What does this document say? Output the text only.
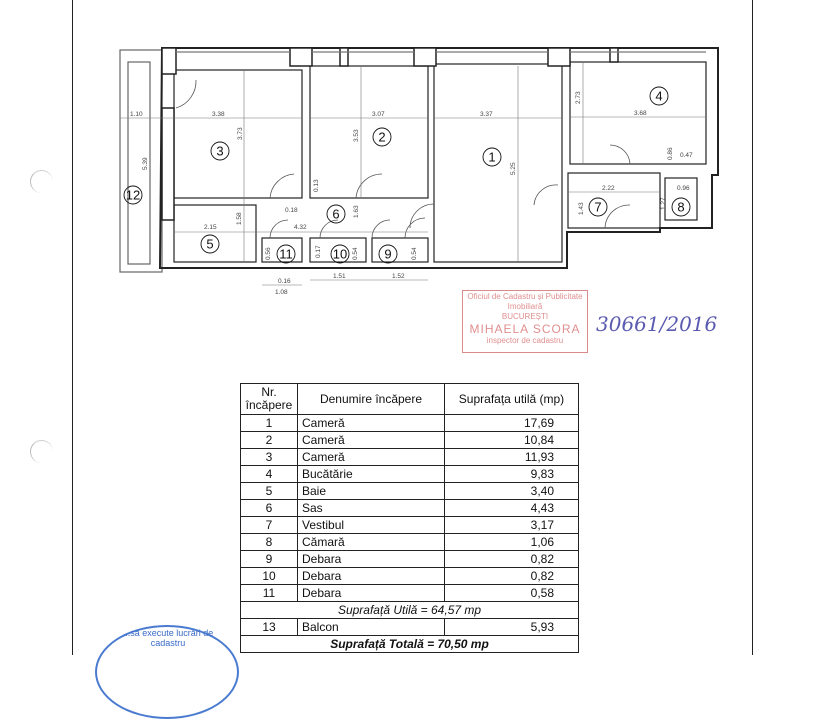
1
2
3
4
5
6	7	8
9
10
11
12
1.10	3.38
3.73
5.39
3.07
3.53
3.37
5.25
2.73
3.68
0.86 0.47
2.22	0.96
1.43	1.27
0.13
0.18	1.63
4.32
2.15
1.58
0.56	0.17	0.54	0.54
0.16
1.08
1.51	1.52
Oficiul de Cadastru și Publicitate Imobiliară
BUCUREȘTI
MIHAELA SCORA
inspector de cadastru
30661/2016
Nr. încăpere	Denumire încăpere	Suprafața utilă (mp)
1	Cameră	17,69
2	Cameră	10,84
3	Cameră	11,93
4	Bucătărie	9,83
5	Baie	3,40
6	Sas	4,43
7	Vestibul	3,17
8	Cămară	1,06
9	Debara	0,82
10	Debara	0,82
11	Debara	0,58
Suprafață Utilă = 64,57 mp		
13	Balcon	5,93
Suprafață Totală = 70,50 mp		
...să execute lucrări de cadastru
